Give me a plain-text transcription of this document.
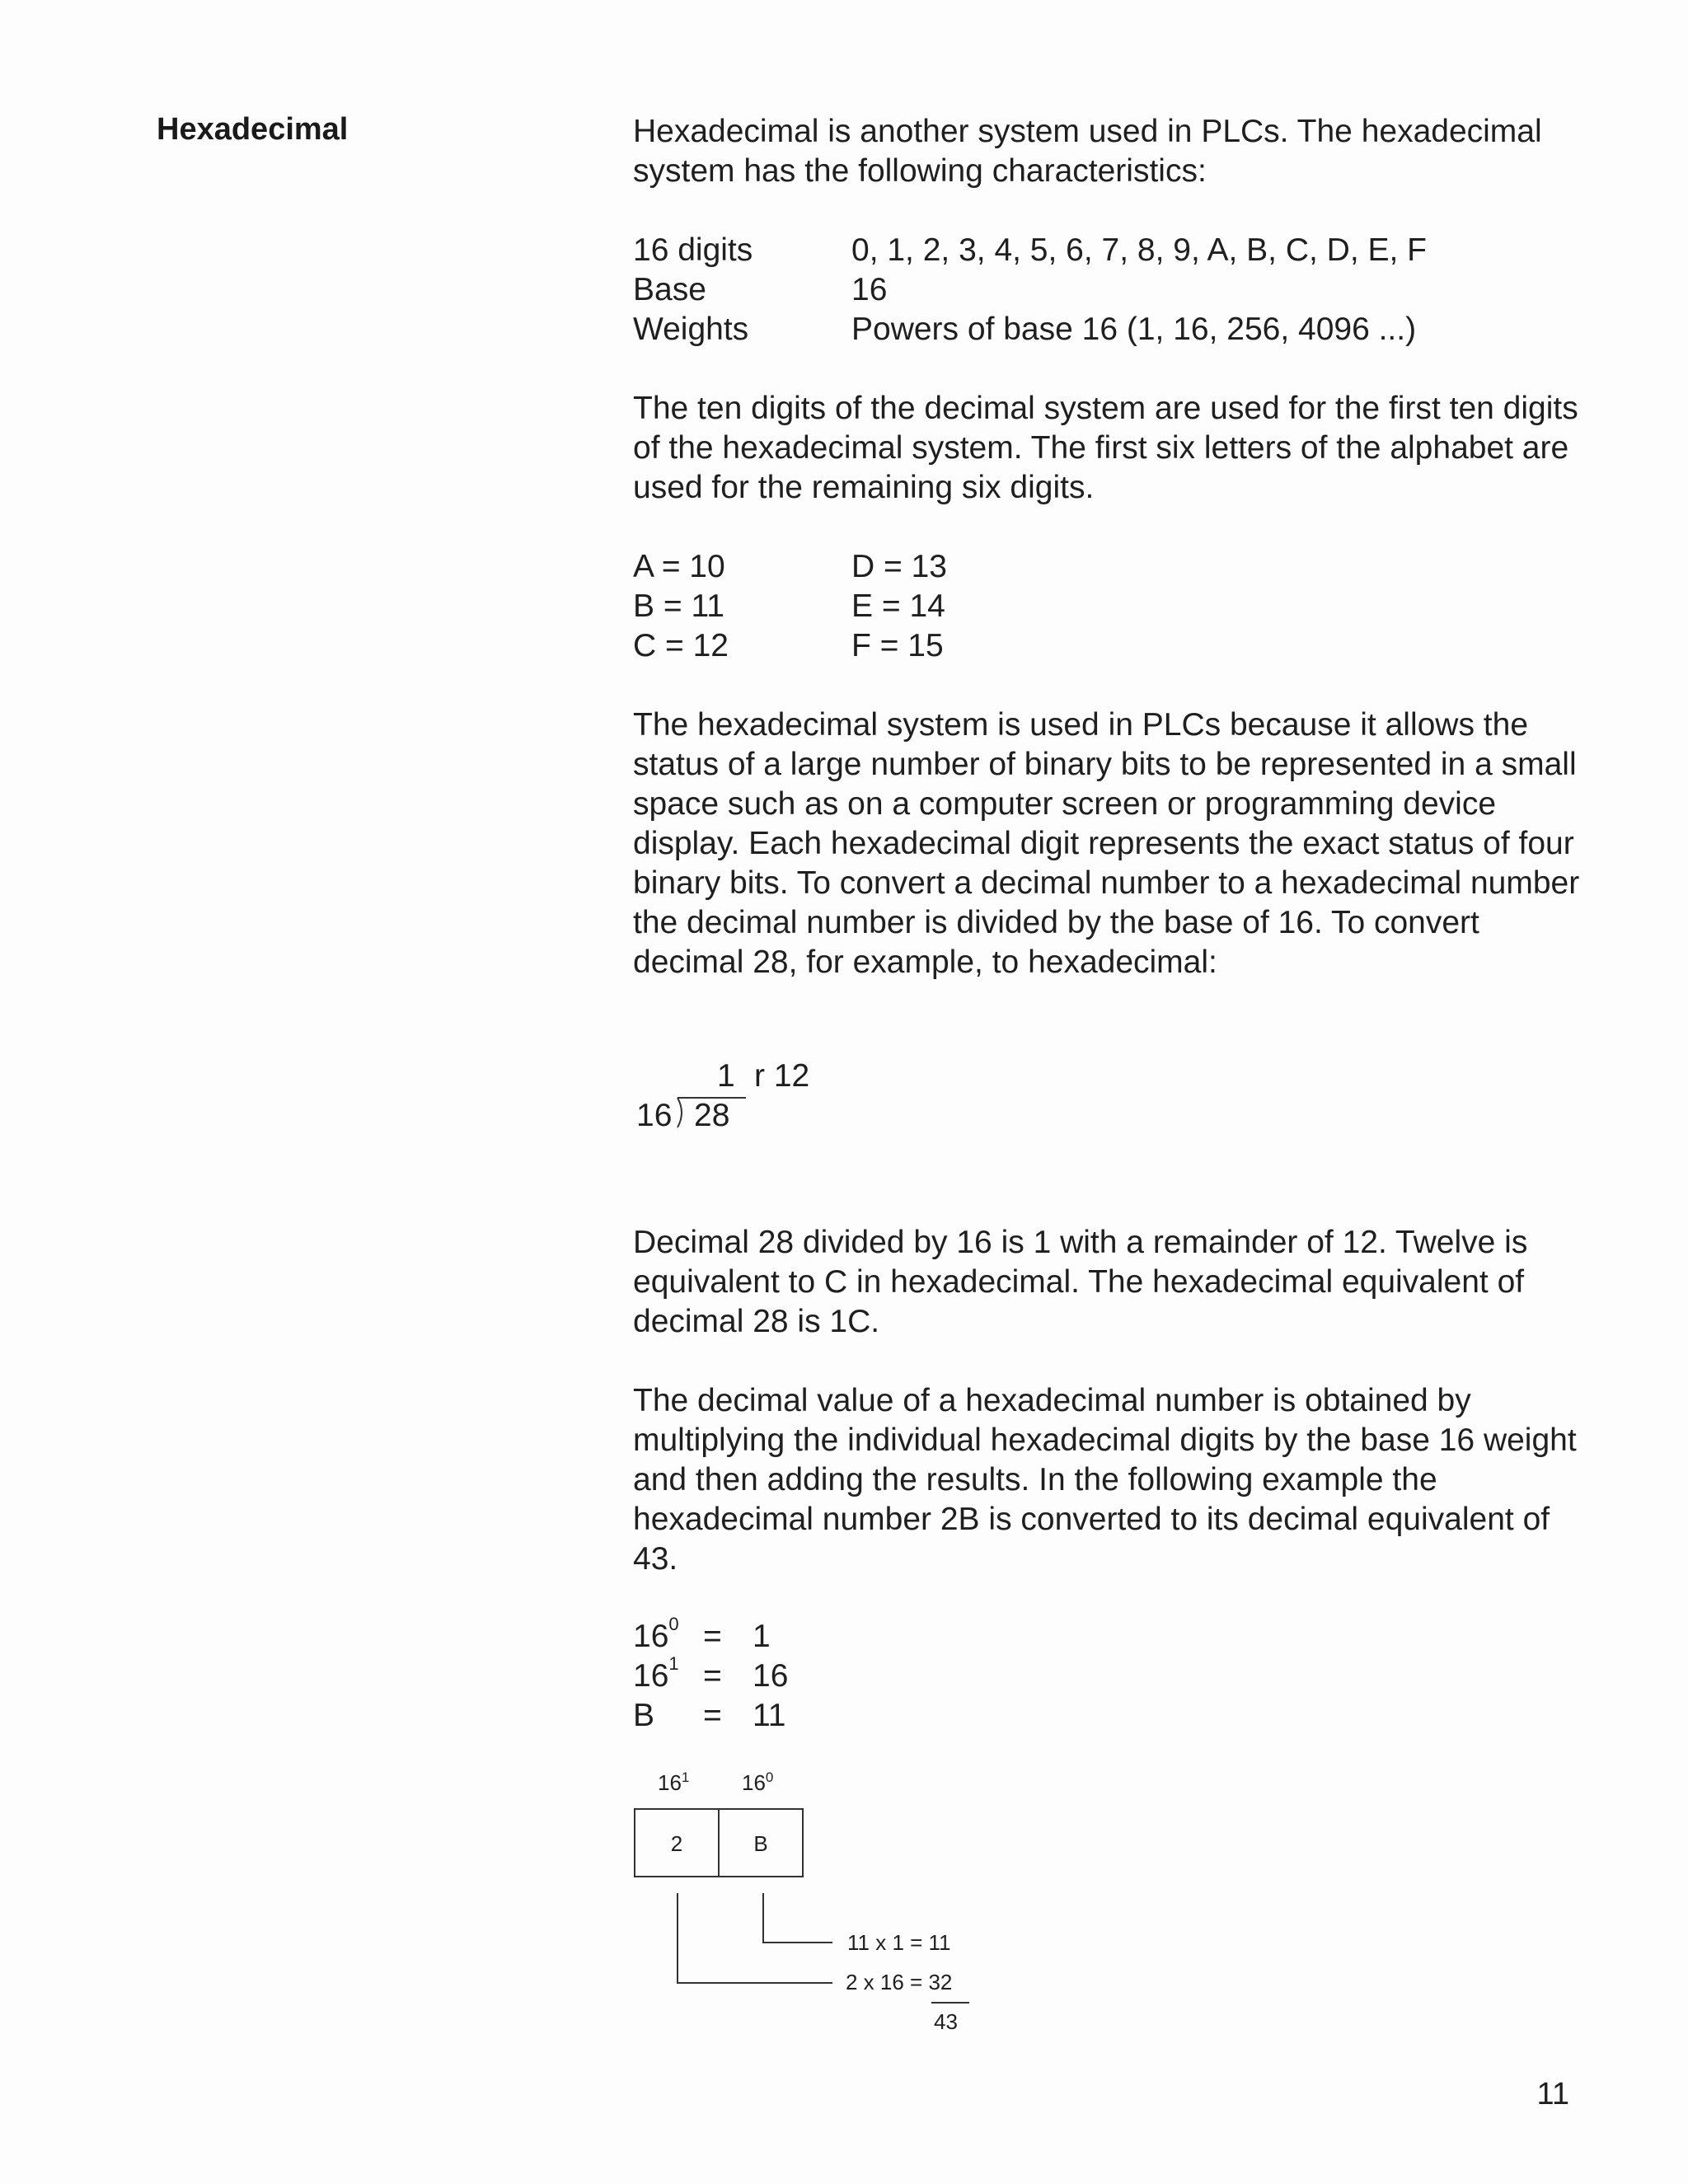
Hexadecimal	Hexadecimal is another system used in PLCs. The hexadecimal system has the following characteristics:
16 digits	0, 1, 2, 3, 4, 5, 6, 7, 8, 9, A, B, C, D, E, F
Base	16
Weights	Powers of base 16 (1, 16, 256, 4096 ...)
The ten digits of the decimal system are used for the first ten digits of the hexadecimal system. The first six letters of the alphabet are used for the remaining six digits.
A = 10	D = 13
B = 11	E = 14
C = 12	F = 15
The hexadecimal system is used in PLCs because it allows the status of a large number of binary bits to be represented in a small space such as on a computer screen or programming device display. Each hexadecimal digit represents the exact status of four binary bits. To convert a decimal number to a hexadecimal number the decimal number is divided by the base of 16. To convert decimal 28, for example, to hexadecimal:
1 r 12
16 28
Decimal 28 divided by 16 is 1 with a remainder of 12. Twelve is equivalent to C in hexadecimal. The hexadecimal equivalent of decimal 28 is 1C.
The decimal value of a hexadecimal number is obtained by multiplying the individual hexadecimal digits by the base 16 weight and then adding the results. In the following example the hexadecimal number 2B is converted to its decimal equivalent of 43.
$16^0 = 1$
$16^1 = 16$
B = 11
$16^1$ $16^0$
2	B
11 x 1 = 11
2 x 16 = 32
43
11
